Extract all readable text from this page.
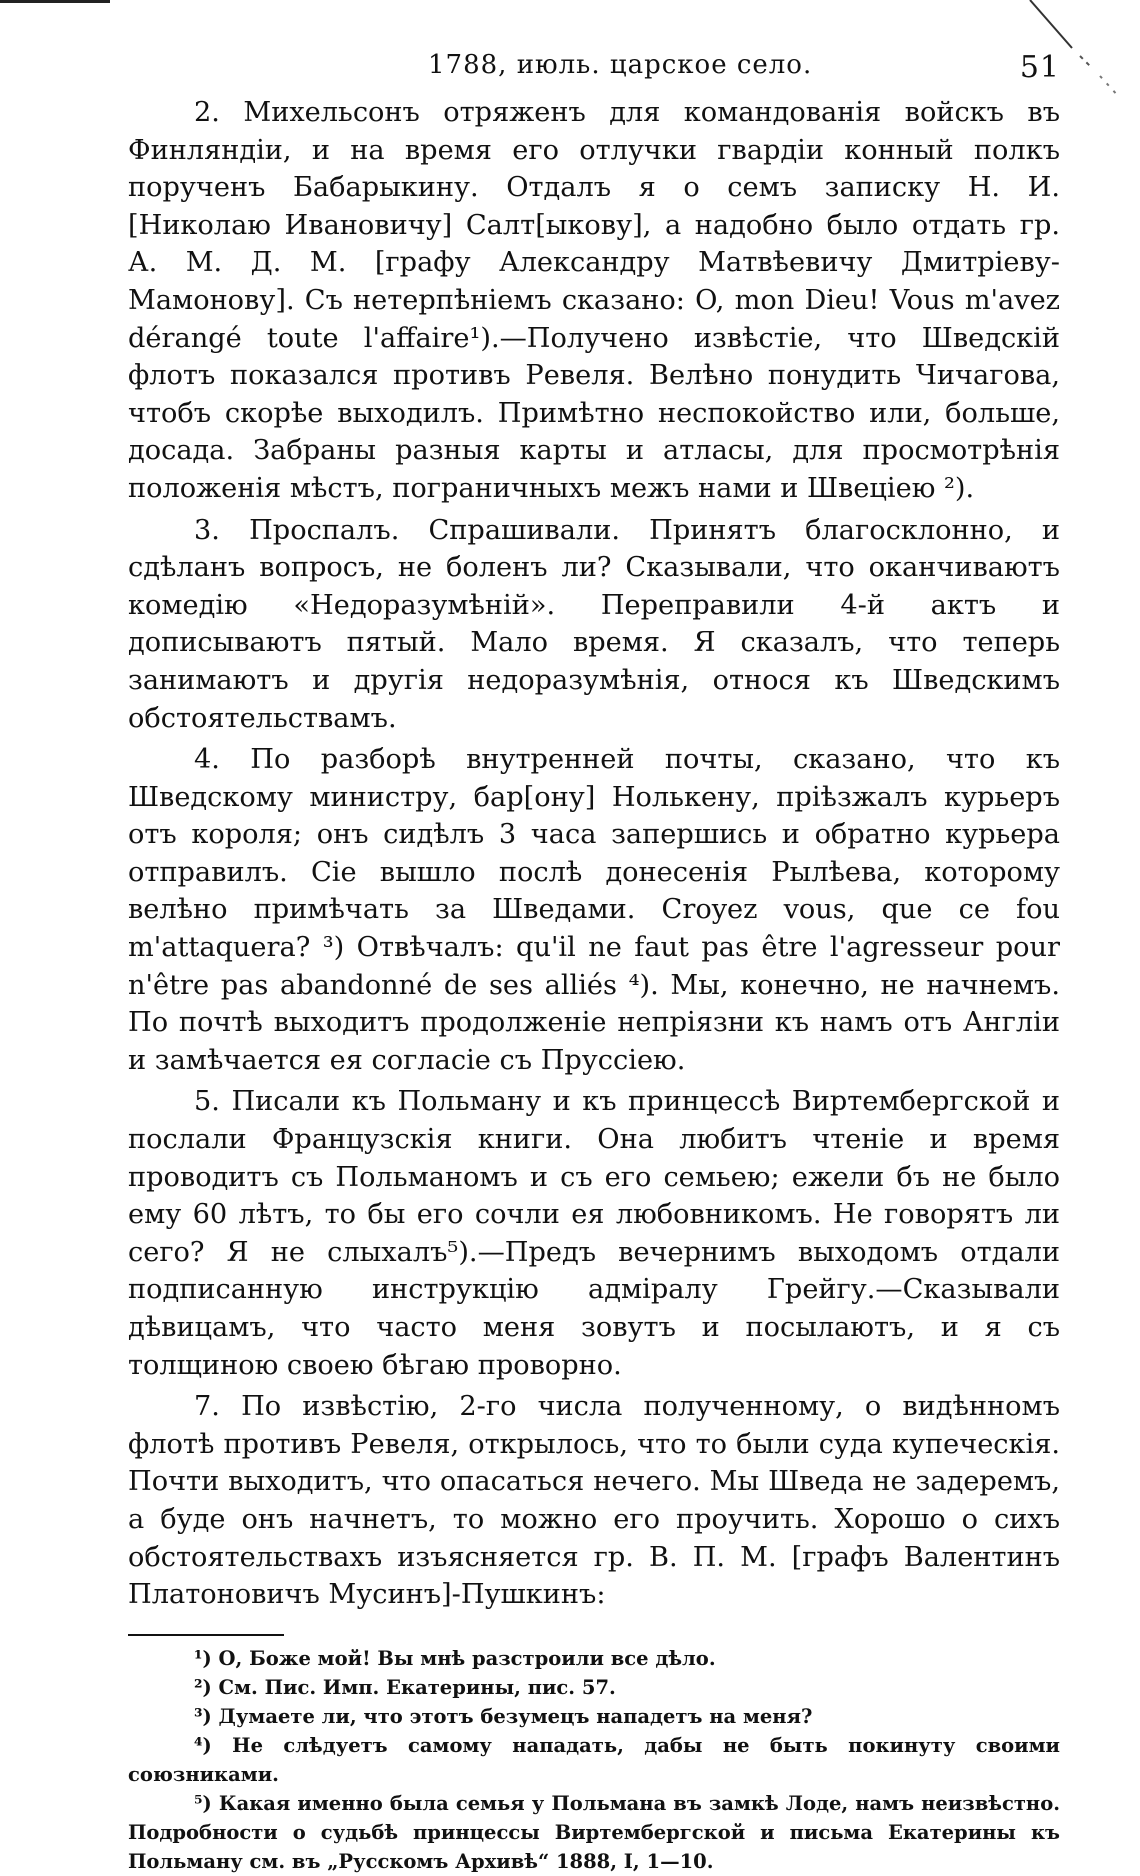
1788, июль. царское село.	51

2. Михельсонъ отряженъ для командованія войскъ въ Финляндіи, и на время его отлучки гвардіи конный полкъ порученъ Бабарыкину. Отдалъ я о семъ записку Н. И. [Николаю Ивановичу] Салт[ыкову], а надобно было отдать гр. А. М. Д. М. [графу Александру Матвѣевичу Дмитріеву-Мамонову]. Съ нетерпѣніемъ сказано: O, mon Dieu! Vous m'avez dérangé toute l'affaire¹).—Получено извѣстіе, что Шведскій флотъ показался противъ Ревеля. Велѣно понудить Чичагова, чтобъ скорѣе выходилъ. Примѣтно неспокойство или, больше, досада. Забраны разныя карты и атласы, для просмотрѣнія положенія мѣстъ, пограничныхъ межъ нами и Швеціею ²).

3. Проспалъ. Спрашивали. Принятъ благосклонно, и сдѣланъ вопросъ, не боленъ ли? Сказывали, что оканчиваютъ комедію «Недоразумѣній». Переправили 4-й актъ и дописываютъ пятый. Мало время. Я сказалъ, что теперь занимаютъ и другія недоразумѣнія, относя къ Шведскимъ обстоятельствамъ.

4. По разборѣ внутренней почты, сказано, что къ Шведскому министру, бар[ону] Нолькену, пріѣзжалъ курьеръ отъ короля; онъ сидѣлъ 3 часа запершись и обратно курьера отправилъ. Сіе вышло послѣ донесенія Рылѣева, которому велѣно примѣчать за Шведами. Croyez vous, que ce fou m'attaquera? ³) Отвѣчалъ: qu'il ne faut pas être l'agresseur pour n'être pas abandonné de ses alliés ⁴). Мы, конечно, не начнемъ. По почтѣ выходитъ продолженіе непріязни къ намъ отъ Англіи и замѣчается ея согласіе съ Пруссіею.

5. Писали къ Польману и къ принцессѣ Виртембергской и послали Французскія книги. Она любитъ чтеніе и время проводитъ съ Польманомъ и съ его семьею; ежели бъ не было ему 60 лѣтъ, то бы его сочли ея любовникомъ. Не говорятъ ли сего? Я не слыхалъ⁵).—Предъ вечернимъ выходомъ отдали подписанную инструкцію адміралу Грейгу.—Сказывали дѣвицамъ, что часто меня зовутъ и посылаютъ, и я съ толщиною своею бѣгаю проворно.

7. По извѣстію, 2-го числа полученному, о видѣнномъ флотѣ противъ Ревеля, открылось, что то были суда купеческія. Почти выходитъ, что опасаться нечего. Мы Шведа не задеремъ, а буде онъ начнетъ, то можно его проучить. Хорошо о сихъ обстоятельствахъ изъясняется гр. В. П. М. [графъ Валентинъ Платоновичъ Мусинъ]-Пушкинъ:

¹) О, Боже мой! Вы мнѣ разстроили все дѣло.

²) См. Пис. Имп. Екатерины, пис. 57.

³) Думаете ли, что этотъ безумецъ нападетъ на меня?

⁴) Не слѣдуетъ самому нападать, дабы не быть покинуту своими союзниками.

⁵) Какая именно была семья у Польмана въ замкѣ Лоде, намъ неизвѣстно. Подробности о судьбѣ принцессы Виртембергской и письма Екатерины къ Польману см. въ „Русскомъ Архивѣ“ 1888, I, 1—10.
